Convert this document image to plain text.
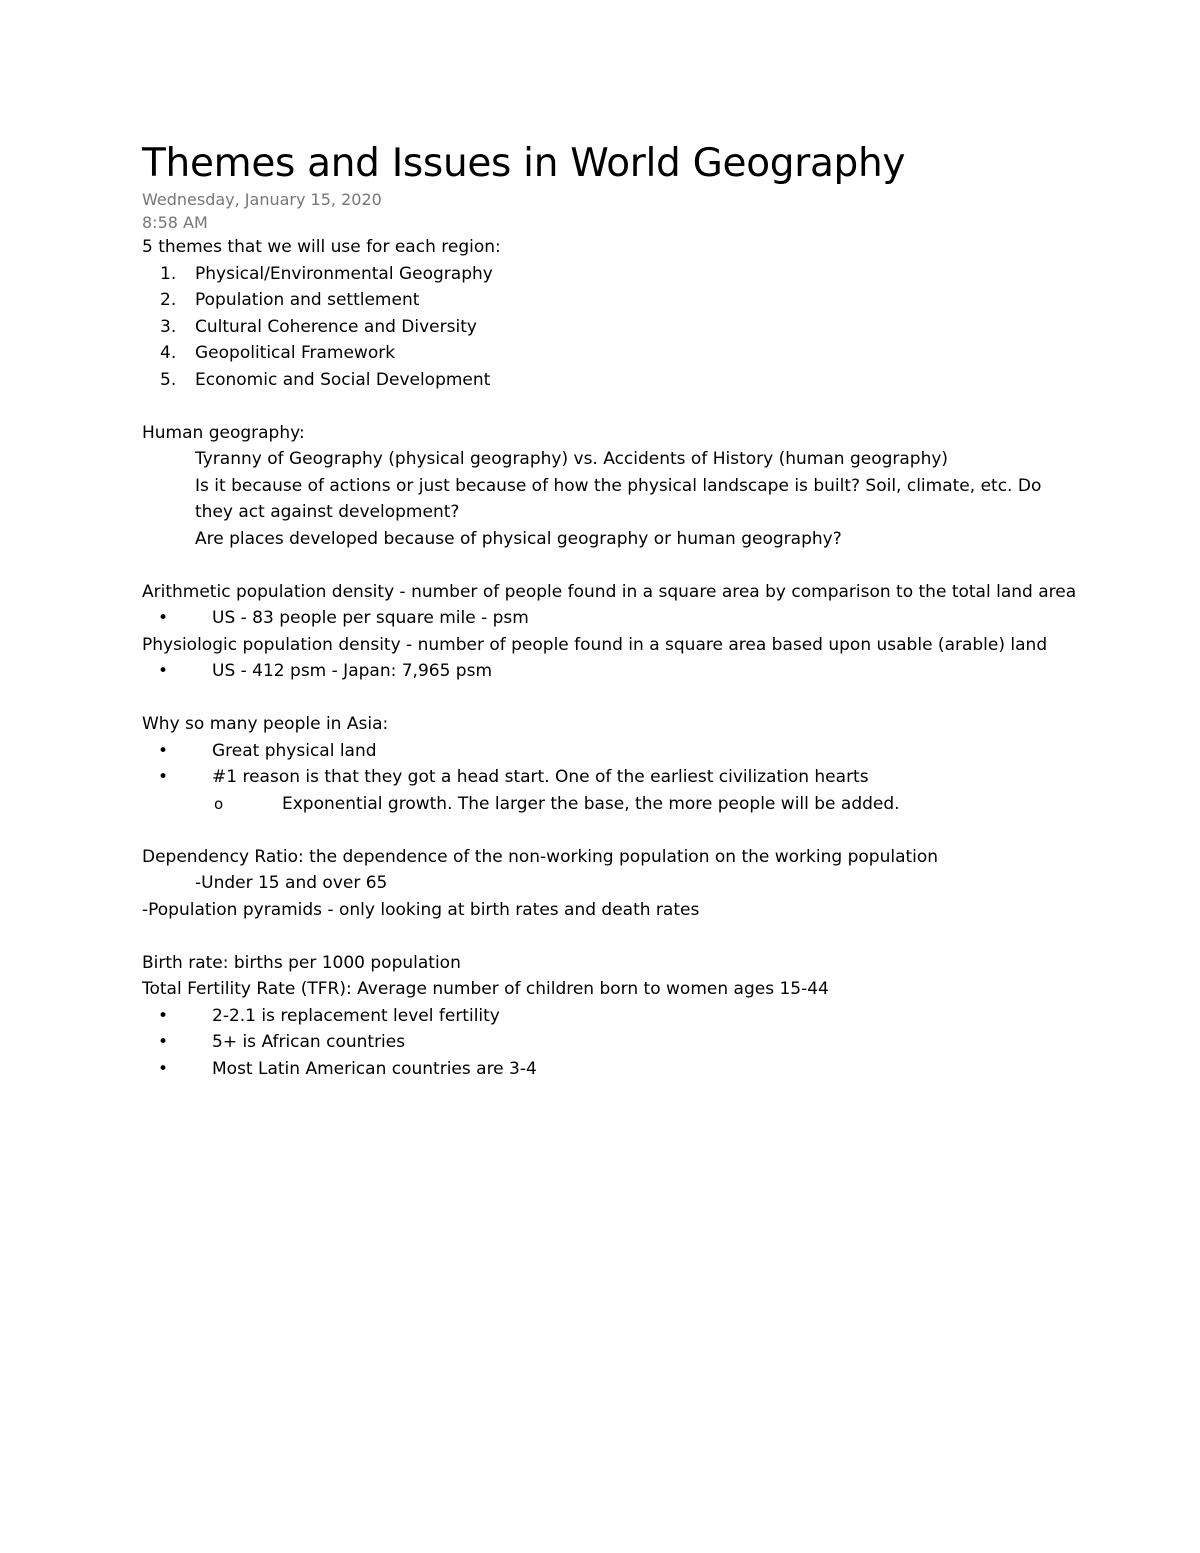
Themes and Issues in World Geography
Wednesday, January 15, 2020
8:58 AM
5 themes that we will use for each region:
1.	Physical/Environmental Geography
2.	Population and settlement
3.	Cultural Coherence and Diversity
4.	Geopolitical Framework
5.	Economic and Social Development
Human geography:
Tyranny of Geography (physical geography) vs. Accidents of History (human geography)
Is it because of actions or just because of how the physical landscape is built? Soil, climate, etc. Do they act against development?
Are places developed because of physical geography or human geography?
Arithmetic population density - number of people found in a square area by comparison to the total land area
•	US - 83 people per square mile - psm
Physiologic population density - number of people found in a square area based upon usable (arable) land
•	US - 412 psm - Japan: 7,965 psm
Why so many people in Asia:
•	Great physical land
•	#1 reason is that they got a head start. One of the earliest civilization hearts
o	Exponential growth. The larger the base, the more people will be added.
Dependency Ratio: the dependence of the non-working population on the working population
-Under 15 and over 65
-Population pyramids - only looking at birth rates and death rates
Birth rate: births per 1000 population
Total Fertility Rate (TFR): Average number of children born to women ages 15-44
•	2-2.1 is replacement level fertility
•	5+ is African countries
•	Most Latin American countries are 3-4
